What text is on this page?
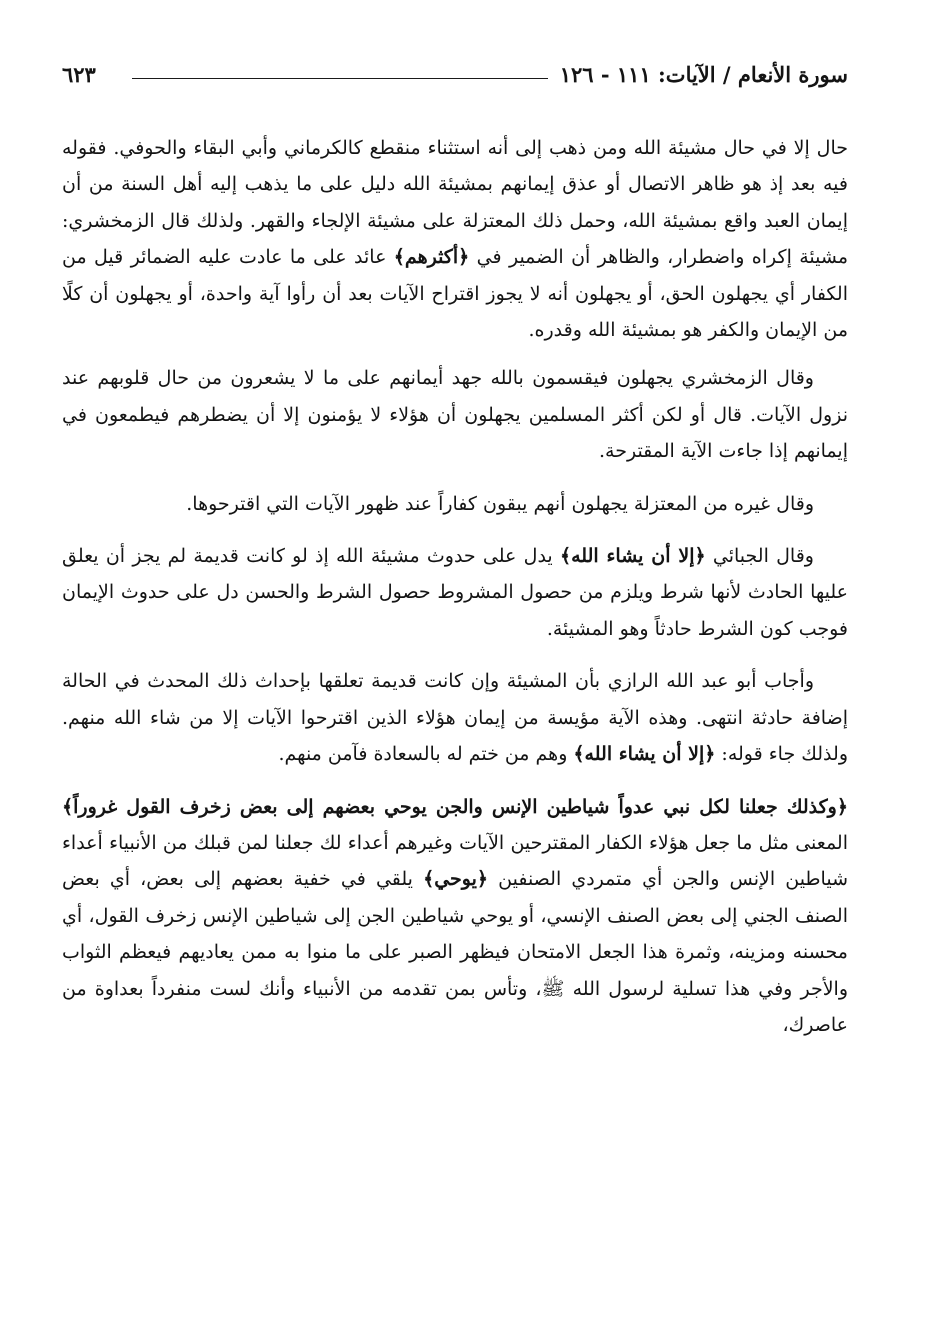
سورة الأنعام / الآيات: ١١١ - ١٢٦
٦٢٣

حال إلا في حال مشيئة الله ومن ذهب إلى أنه استثناء منقطع كالكرماني وأبي البقاء والحوفي. فقوله فيه بعد إذ هو ظاهر الاتصال أو عذق إيمانهم بمشيئة الله دليل على ما يذهب إليه أهل السنة من أن إيمان العبد واقع بمشيئة الله، وحمل ذلك المعتزلة على مشيئة الإلجاء والقهر. ولذلك قال الزمخشري: مشيئة إكراه واضطرار، والظاهر أن الضمير في ﴿أكثرهم﴾ عائد على ما عادت عليه الضمائر قيل من الكفار أي يجهلون الحق، أو يجهلون أنه لا يجوز اقتراح الآيات بعد أن رأوا آية واحدة، أو يجهلون أن كلًا من الإيمان والكفر هو بمشيئة الله وقدره.

وقال الزمخشري يجهلون فيقسمون بالله جهد أيمانهم على ما لا يشعرون من حال قلوبهم عند نزول الآيات. قال أو لكن أكثر المسلمين يجهلون أن هؤلاء لا يؤمنون إلا أن يضطرهم فيطمعون في إيمانهم إذا جاءت الآية المقترحة.

وقال غيره من المعتزلة يجهلون أنهم يبقون كفاراً عند ظهور الآيات التي اقترحوها.

وقال الجبائي ﴿إلا أن يشاء الله﴾ يدل على حدوث مشيئة الله إذ لو كانت قديمة لم يجز أن يعلق عليها الحادث لأنها شرط ويلزم من حصول المشروط حصول الشرط والحسن دل على حدوث الإيمان فوجب كون الشرط حادثاً وهو المشيئة.

وأجاب أبو عبد الله الرازي بأن المشيئة وإن كانت قديمة تعلقها بإحداث ذلك المحدث في الحالة إضافة حادثة انتهى. وهذه الآية مؤيسة من إيمان هؤلاء الذين اقترحوا الآيات إلا من شاء الله منهم. ولذلك جاء قوله: ﴿إلا أن يشاء الله﴾ وهم من ختم له بالسعادة فآمن منهم.

﴿وكذلك جعلنا لكل نبي عدواً شياطين الإنس والجن يوحي بعضهم إلى بعض زخرف القول غروراً﴾ المعنى مثل ما جعل هؤلاء الكفار المقترحين الآيات وغيرهم أعداء لك جعلنا لمن قبلك من الأنبياء أعداء شياطين الإنس والجن أي متمردي الصنفين ﴿يوحي﴾ يلقي في خفية بعضهم إلى بعض، أي بعض الصنف الجني إلى بعض الصنف الإنسي، أو يوحي شياطين الجن إلى شياطين الإنس زخرف القول، أي محسنه ومزينه، وثمرة هذا الجعل الامتحان فيظهر الصبر على ما منوا به ممن يعاديهم فيعظم الثواب والأجر وفي هذا تسلية لرسول الله ﷺ، وتأس بمن تقدمه من الأنبياء وأنك لست منفرداً بعداوة من عاصرك،
